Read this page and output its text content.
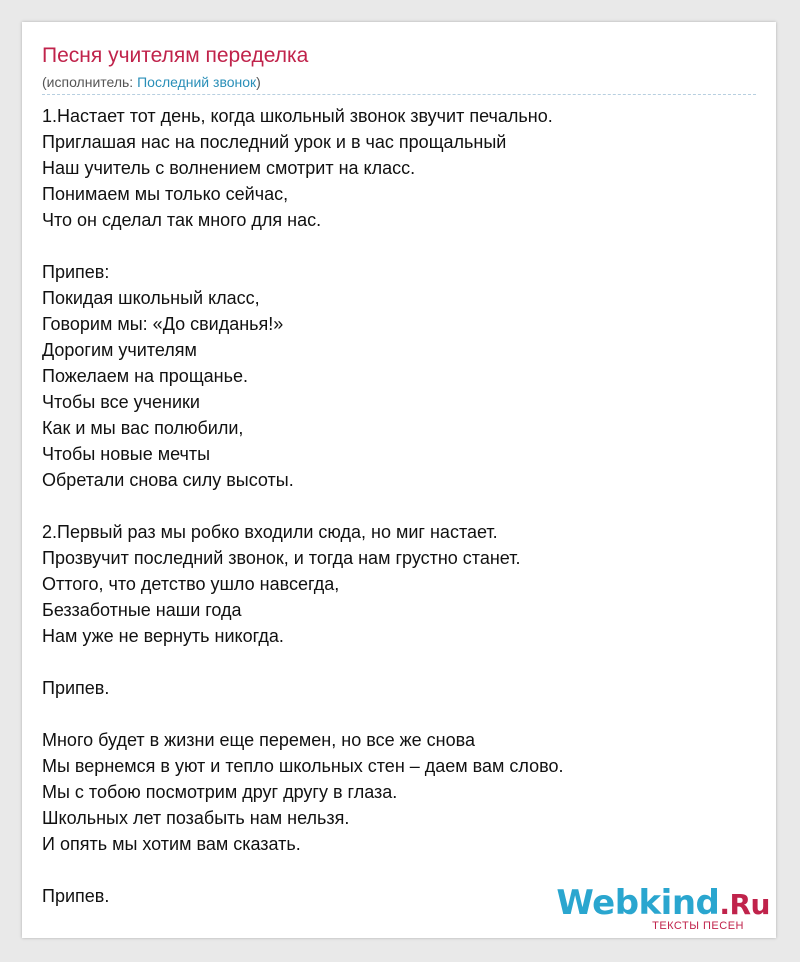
Песня учителям переделка
(исполнитель: Последний звонок)
1.Настает тот день, когда школьный звонок звучит печально.
Приглашая нас на последний урок и в час прощальный
Наш учитель с волнением смотрит на класс.
Понимаем мы только сейчас,
Что он сделал так много для нас.
Припев:
Покидая школьный класс,
Говорим мы: «До свиданья!»
Дорогим учителям
Пожелаем на прощанье.
Чтобы все ученики
Как и мы вас полюбили,
Чтобы новые мечты
Обретали снова силу высоты.
2.Первый раз мы робко входили сюда, но миг настает.
Прозвучит последний звонок, и тогда нам грустно станет.
Оттого, что детство ушло навсегда,
Беззаботные наши года
Нам уже не вернуть никогда.
Припев.
Много будет в жизни еще перемен, но все же снова
Мы вернемся в уют и тепло школьных стен – даем вам слово.
Мы с тобою посмотрим друг другу в глаза.
Школьных лет позабыть нам нельзя.
И опять мы хотим вам сказать.
Припев.	Webkind.Ru
ТЕКСТЫ ПЕСЕН
